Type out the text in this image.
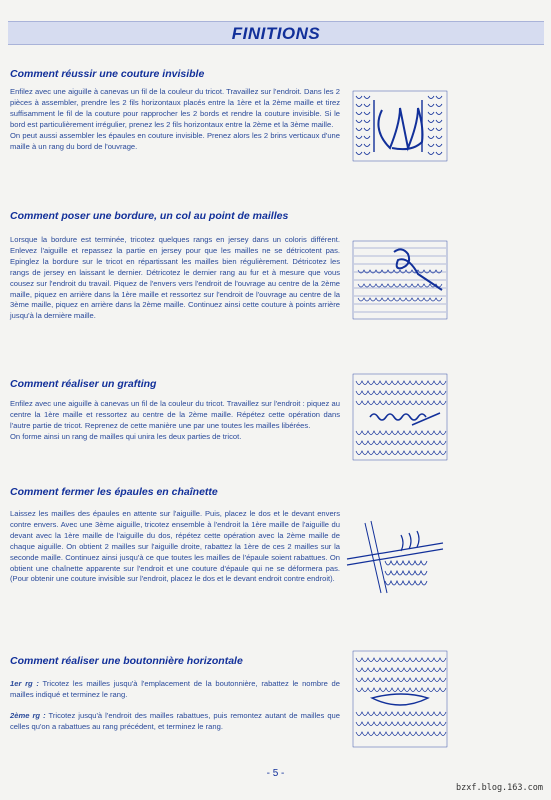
FINITIONS
Comment réussir une couture invisible

Enfilez avec une aiguille à canevas un fil de la couleur du tricot. Travaillez sur l'endroit. Dans les 2 pièces à assembler, prendre les 2 fils horizontaux placés entre la 1ère et la 2ème maille et tirez suffisamment le fil de la couture pour rapprocher les 2 bords et rendre la couture invisible. Si le bord est particulièrement irrégulier, prenez les 2 fils horizontaux entre la 2ème et la 3ème maille.

On peut aussi assembler les épaules en couture invisible. Prenez alors les 2 brins verticaux d'une maille à un rang du bord de l'ouvrage.

Comment poser une bordure, un col au point de mailles

Lorsque la bordure est terminée, tricotez quelques rangs en jersey dans un coloris différent. Enlevez l'aiguille et repassez la partie en jersey pour que les mailles ne se détricotent pas. Epinglez la bordure sur le tricot en répartissant les mailles bien régulièrement. Détricotez les rangs de jersey en laissant le dernier. Détricotez le dernier rang au fur et à mesure que vous cousez sur l'endroit du travail. Piquez de l'envers vers l'endroit de l'ouvrage au centre de la 2ème maille, piquez en arrière dans la 1ère maille et ressortez sur l'endroit de l'ouvrage au centre de la 3ème maille, piquez en arrière dans la 2ème maille. Continuez ainsi cette couture à points arrière jusqu'à la dernière maille.

Comment réaliser un grafting

Enfilez avec une aiguille à canevas un fil de la couleur du tricot. Travaillez sur l'endroit : piquez au centre la 1ère maille et ressortez au centre de la 2ème maille. Répétez cette opération dans l'autre partie de tricot. Reprenez de cette manière une par une toutes les mailles libérées.

On forme ainsi un rang de mailles qui unira les deux parties de tricot.

Comment fermer les épaules en chaînette

Laissez les mailles des épaules en attente sur l'aiguille. Puis, placez le dos et le devant envers contre envers. Avec une 3ème aiguille, tricotez ensemble à l'endroit la 1ère maille de l'aiguille du devant avec la 1ère maille de l'aiguille du dos, répétez cette opération avec la 2ème maille de chaque aiguille. On obtient 2 mailles sur l'aiguille droite, rabattez la 1ère de ces 2 mailles sur la seconde maille. Continuez ainsi jusqu'à ce que toutes les mailles de l'épaule soient rabattues. On obtient une chaînette apparente sur l'endroit et une couture d'épaule qui ne se déformera pas. (Pour obtenir une couture invisible sur l'endroit, placez le dos et le devant endroit contre endroit).

Comment réaliser une boutonnière horizontale

1er rg : Tricotez les mailles jusqu'à l'emplacement de la boutonnière, rabattez le nombre de mailles indiqué et terminez le rang.

2ème rg : Tricotez jusqu'à l'endroit des mailles rabattues, puis remontez autant de mailles que celles qu'on a rabattues au rang précédent, et terminez le rang.

- 5 -
bzxf.blog.163.com
